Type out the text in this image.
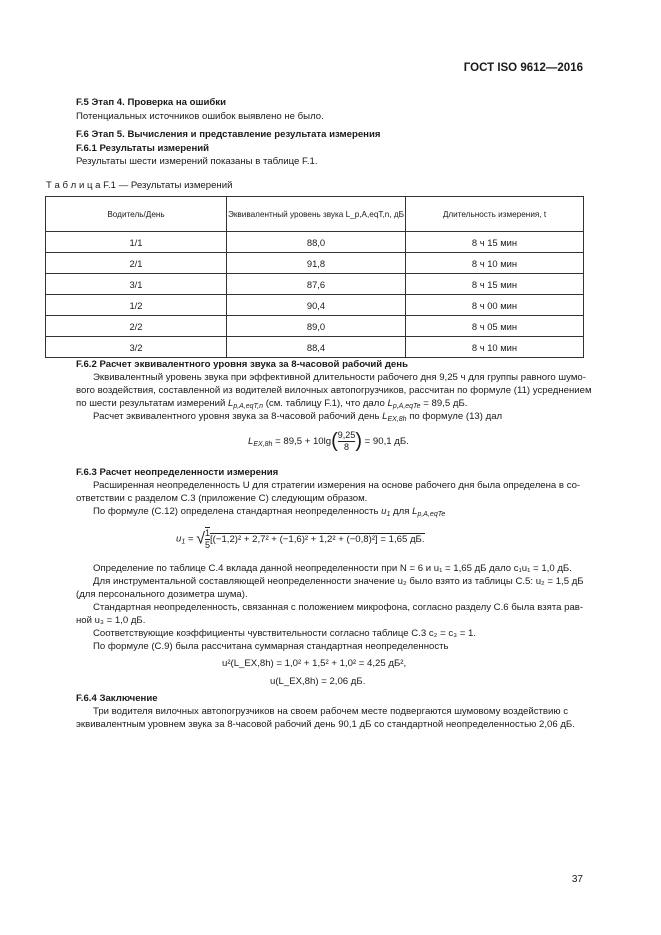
ГОСТ ISO 9612—2016
F.5 Этап 4. Проверка на ошибки
Потенциальных источников ошибок выявлено не было.
F.6 Этап 5. Вычисления и представление результата измерения
F.6.1 Результаты измерений
Результаты шести измерений показаны в таблице F.1.
Т а б л и ц а F.1 — Результаты измерений
Водитель/День	Эквивалентный уровень звука L_p,A,eqT,n, дБ	Длительность измерения, t
1/1	88,0	8 ч 15 мин
2/1	91,8	8 ч 10 мин
3/1	87,6	8 ч 15 мин
1/2	90,4	8 ч 00 мин
2/2	89,0	8 ч 05 мин
3/2	88,4	8 ч 10 мин
F.6.2 Расчет эквивалентного уровня звука за 8-часовой рабочий день
Эквивалентный уровень звука при эффективной длительности рабочего дня 9,25 ч для группы равного шумо-
вого воздействия, составленной из водителей вилочных автопогрузчиков, рассчитан по формуле (11) усреднением
по шести результатам измерений $L_{p,A,eqT,n}$ (см. таблицу F.1), что дало $L_{p,A,eqTe} = 89,5$ дБ.
Расчет эквивалентного уровня звука за 8-часовой рабочий день $L_{EX,8h}$ по формуле (13) дал
$L_{EX,8h} = 89,5 + 10\lg( \frac{9,25}{8}$ ) = 90,1 дБ.
F.6.3 Расчет неопределенности измерения
Расширенная неопределенность U для стратегии измерения на основе рабочего дня была определена в со-
ответствии с разделом С.3 (приложение С) следующим образом.
По формуле (С.12) определена стандартная неопределенность $u_1$ для $L_{p,A,eqTe}$
$u_1$ = √ $\frac{1}{5} [(-1,2)^2 + 2,7^2 + (-1,6)^2 + 1,2^2 + (-0,8)^2] = 1,65$ дБ.
Определение по таблице С.4 вклада данной неопределенности при N = 6 и u₁ = 1,65 дБ дало c₁u₁ = 1,0 дБ.
Для инструментальной составляющей неопределенности значение u₂ было взято из таблицы С.5: u₂ = 1,5 дБ
(для персонального дозиметра шума).
Стандартная неопределенность, связанная с положением микрофона, согласно разделу С.6 была взята рав-
ной u₃ = 1,0 дБ.
Соответствующие коэффициенты чувствительности согласно таблице С.3 c₂ = c₃ = 1.
По формуле (С.9) была рассчитана суммарная стандартная неопределенность
u²(L_EX,8h) = 1,0² + 1,5² + 1,0² = 4,25 дБ²,
u(L_EX,8h) = 2,06 дБ.
F.6.4 Заключение
Три водителя вилочных автопогрузчиков на своем рабочем месте подвергаются шумовому воздействию с
эквивалентным уровнем звука за 8-часовой рабочий день 90,1 дБ со стандартной неопределенностью 2,06 дБ.
37
